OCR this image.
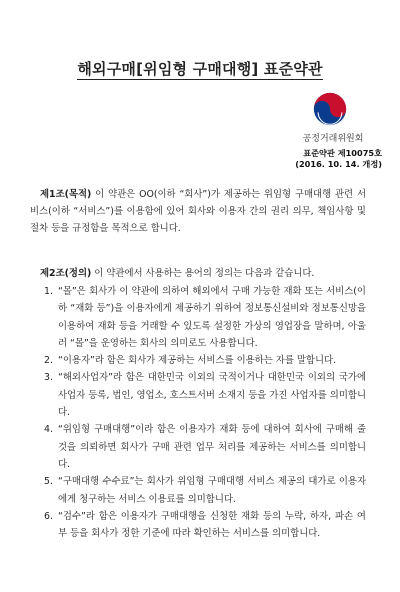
해외구매[위임형 구매대행] 표준약관
공정거래위원회
표준약관 제10075호
(2016. 10. 14. 개정)
제1조(목적) 이 약관은 OO(이하 “회사”)가 제공하는 위임형 구매대행 관련 서비스(이하 “서비스”)를 이용함에 있어 회사와 이용자 간의 권리 의무, 책임사항 및 절차 등을 규정함을 목적으로 합니다.
제2조(정의) 이 약관에서 사용하는 용어의 정의는 다음과 같습니다.
1. “몰”은 회사가 이 약관에 의하여 해외에서 구매 가능한 재화 또는 서비스(이하 “재화 등”)을 이용자에게 제공하기 위하여 정보통신설비와 정보통신망을 이용하여 재화 등을 거래할 수 있도록 설정한 가상의 영업장을 말하며, 아울러 “몰”을 운영하는 회사의 의미로도 사용합니다.
2. “이용자”라 함은 회사가 제공하는 서비스를 이용하는 자를 말합니다.
3. “해외사업자”라 함은 대한민국 이외의 국적이거나 대한민국 이외의 국가에 사업자 등록, 법인, 영업소, 호스트서버 소재지 등을 가진 사업자를 의미합니다.
4. “위임형 구매대행”이라 함은 이용자가 재화 등에 대하여 회사에 구매해 줄 것을 의뢰하면 회사가 구매 관련 업무 처리를 제공하는 서비스를 의미합니다.
5. “구매대행 수수료”는 회사가 위임형 구매대행 서비스 제공의 대가로 이용자에게 청구하는 서비스 이용료를 의미합니다.
6. “검수”라 함은 이용자가 구매대행을 신청한 재화 등의 누락, 하자, 파손 여부 등을 회사가 정한 기준에 따라 확인하는 서비스를 의미합니다.
